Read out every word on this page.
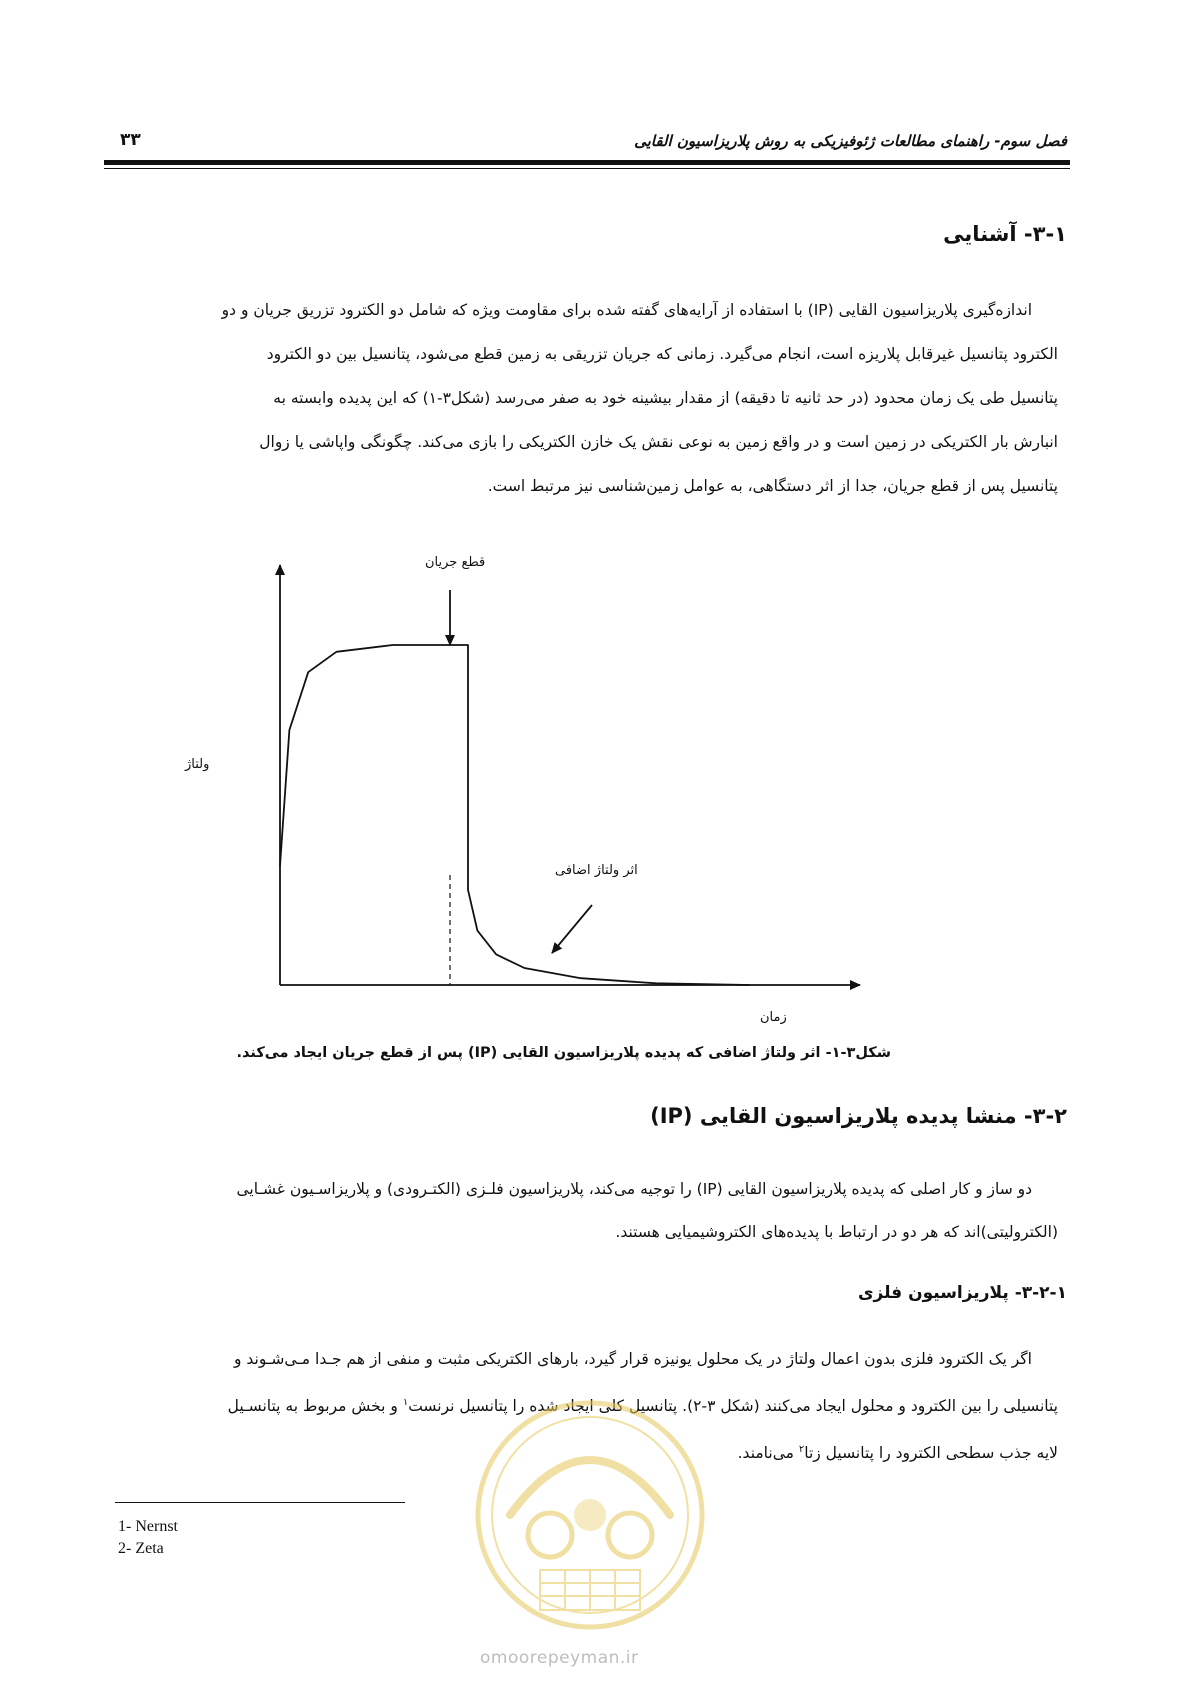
فصل سوم- راهنمای مطالعات ژئوفیزیکی به روش پلاریزاسیون القایی
۳۳
۳-۱- آشنایی
اندازه‌گیری پلاریزاسیون القایی (IP) با استفاده از آرایه‌های گفته شده برای مقاومت ویژه که شامل دو الکترود تزریق جریان و دو
الکترود پتانسیل غیرقابل پلاریزه است، انجام می‌گیرد. زمانی که جریان تزریقی به زمین قطع می‌شود، پتانسیل بین دو الکترود
پتانسیل طی یک زمان محدود (در حد ثانیه تا دقیقه) از مقدار بیشینه خود به صفر می‌رسد (شکل۳-۱) که این پدیده وابسته به
انبارش بار الکتریکی در زمین است و در واقع زمین به نوعی نقش یک خازن الکتریکی را بازی می‌کند. چگونگی واپاشی یا زوال
پتانسیل پس از قطع جریان، جدا از اثر دستگاهی، به عوامل زمین‌شناسی نیز مرتبط است.
قطع جریان
ولتاژ
اثر ولتاژ اضافی
زمان
شکل۳-۱- اثر ولتاژ اضافی که پدیده پلاریزاسیون القایی (IP) پس از قطع جریان ایجاد می‌کند.
۳-۲- منشا پدیده پلاریزاسیون القایی (IP)
دو ساز و کار اصلی که پدیده پلاریزاسیون القایی (IP) را توجیه می‌کند، پلاریزاسیون فلـزی (الکتـرودی) و پلاریزاسـیون غشـایی
(الکترولیتی)اند که هر دو در ارتباط با پدیده‌های الکتروشیمیایی هستند.
۳-۲-۱- پلاریزاسیون فلزی
اگر یک الکترود فلزی بدون اعمال ولتاژ در یک محلول یونیزه قرار گیرد، بارهای الکتریکی مثبت و منفی از هم جـدا مـی‌شـوند و
پتانسیلی را بین الکترود و محلول ایجاد می‌کنند (شکل ۳-۲). پتانسیل کلی ایجاد شده را پتانسیل نرنست$^۱$ و بخش مربوط به پتانسـیل
لایه جذب سطحی الکترود را پتانسیل زتا$^۲$ می‌نامند.
1- Nernst
2- Zeta
omoorepeyman.ir
